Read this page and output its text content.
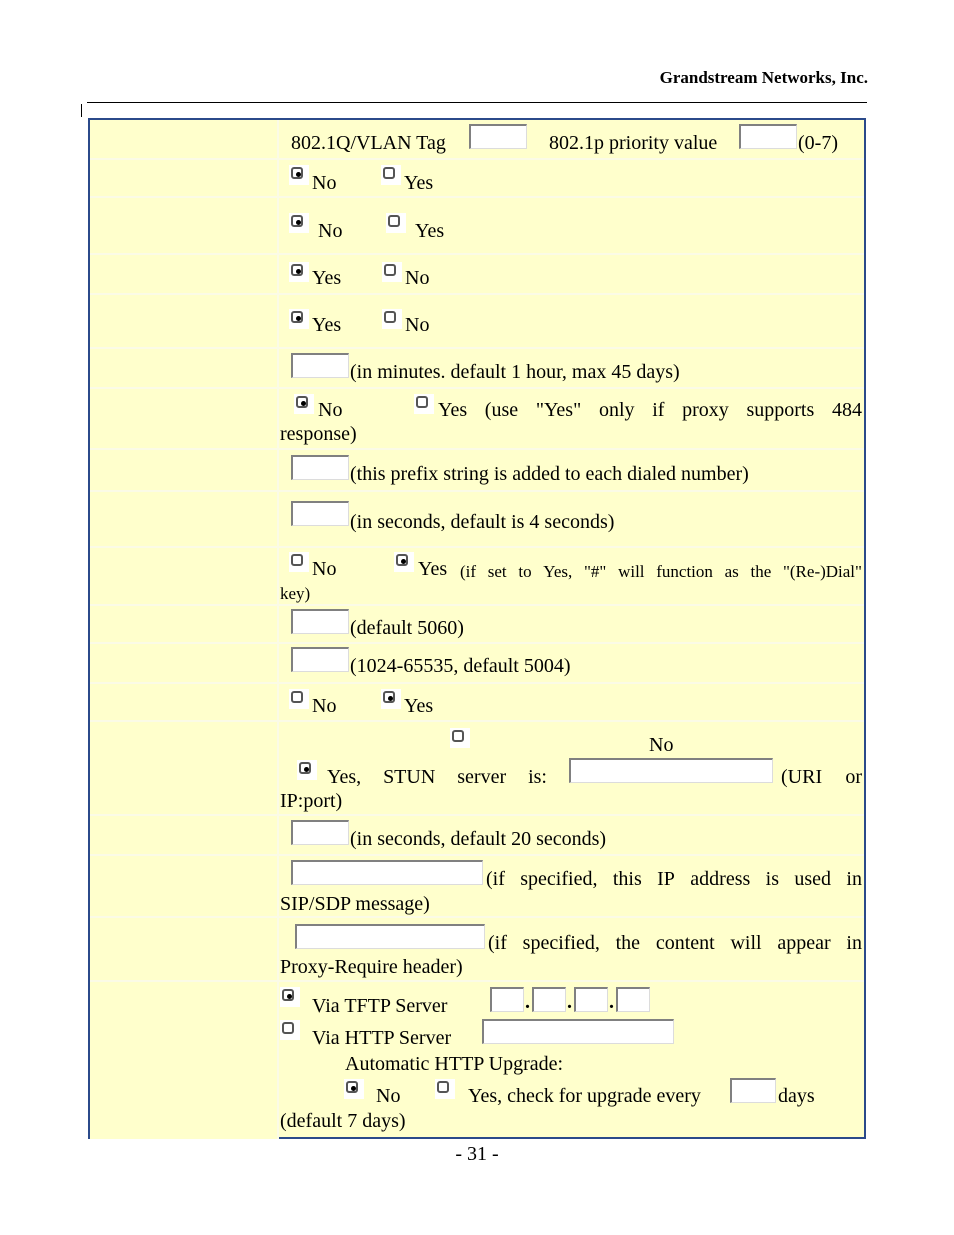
Grandstream Networks, Inc.
802.1Q/VLAN Tag	802.1p priority value	(0-7)
No	Yes
No	Yes
Yes	No
Yes	No
(in minutes. default 1 hour, max 45 days)
No	Yes (use "Yes" only if proxy supports 484
response)
(this prefix string is added to each dialed number)
(in seconds, default is 4 seconds)
No	Yes (if set to Yes, "#" will function as the "(Re-)Dial"
key)
(default 5060)
(1024-65535, default 5004)
No	Yes
No
Yes, STUN server is:	(URI or
IP:port)
(in seconds, default 20 seconds)
(if specified, this IP address is used in
SIP/SDP message)
(if specified, the content will appear in
Proxy-Require header)
Via TFTP Server	. . .
Via HTTP Server
Automatic HTTP Upgrade:
No	Yes, check for upgrade every	days
(default 7 days)
- 31 -
